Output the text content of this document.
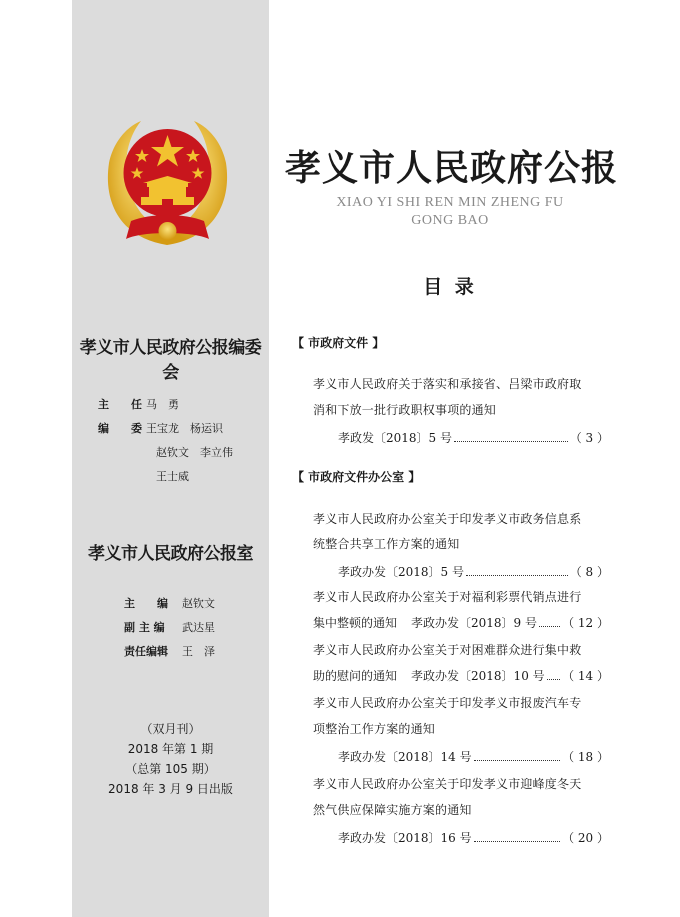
孝义市人民政府公报编委会
主　　任 马　勇
编　　委 王宝龙　杨运识
赵钦文　李立伟
王士威
孝义市人民政府公报室
主　　编 赵钦文
副 主 编 武达星
责任编辑 王　泽
（双月刊）
2018 年第 1 期
（总第 105 期）
2018 年 3 月 9 日出版
孝义市人民政府公报
XIAO YI SHI REN MIN ZHENG FU
GONG BAO
目 录
【 市政府文件 】
孝义市人民政府关于落实和承接省、吕梁市政府取
消和下放一批行政职权事项的通知
孝政发〔2018〕5 号	（ 3 ）
【 市政府文件办公室 】
孝义市人民政府办公室关于印发孝义市政务信息系
统整合共享工作方案的通知
孝政办发〔2018〕5 号	（ 8 ）
孝义市人民政府办公室关于对福利彩票代销点进行
集中整顿的通知 孝政办发〔2018〕9 号 （ 12 ）
孝义市人民政府办公室关于对困难群众进行集中救
助的慰问的通知 孝政办发〔2018〕10 号 （ 14 ）
孝义市人民政府办公室关于印发孝义市报废汽车专
项整治工作方案的通知
孝政办发〔2018〕14 号	（ 18 ）
孝义市人民政府办公室关于印发孝义市迎峰度冬天
然气供应保障实施方案的通知
孝政办发〔2018〕16 号	（ 20 ）
